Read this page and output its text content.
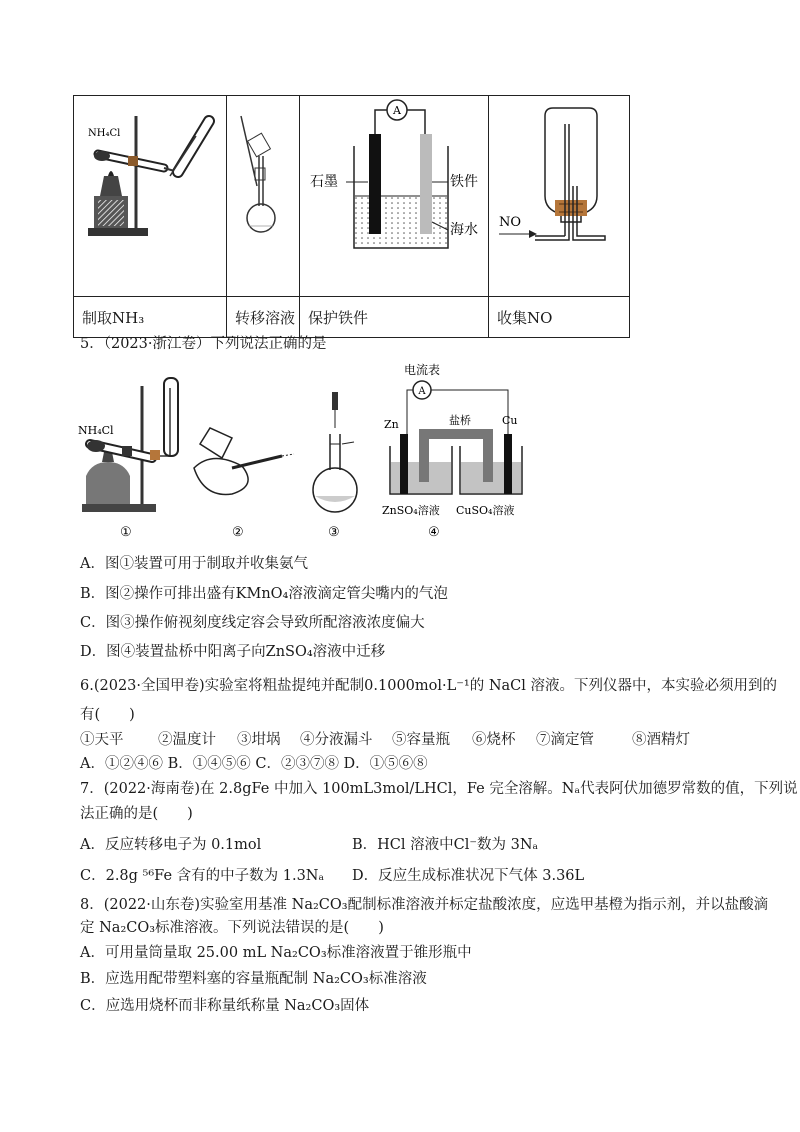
NH₄Cl		A
石墨 铁件
海水	NO

制取NH₃	转移溶液	保护铁件	收集NO
5．（2023·浙江卷）下列说法正确的是
NH₄Cl
①	②	③
电流表
A
Zn	Cu
盐桥
ZnSO₄溶液 CuSO₄溶液
④
A．图①装置可用于制取并收集氨气
B．图②操作可排出盛有KMnO₄溶液滴定管尖嘴内的气泡
C．图③操作俯视刻度线定容会导致所配溶液浓度偏大
D．图④装置盐桥中阳离子向ZnSO₄溶液中迁移
6.(2023·全国甲卷)实验室将粗盐提纯并配制0.1000mol·L⁻¹的 NaCl 溶液。下列仪器中，本实验必须用到的
有(　　)
①天平 ②温度计 ③坩埚 ④分液漏斗 ⑤容量瓶 ⑥烧杯 ⑦滴定管	⑧酒精灯
A．①②④⑥ B．①④⑤⑥ C．②③⑦⑧ D．①⑤⑥⑧
7．(2022·海南卷)在 2.8gFe 中加入 100mL3mol/LHCl，Fe 完全溶解。Nₐ代表阿伏加德罗常数的值，下列说
法正确的是(　　)
A．反应转移电子为 0.1mol	B．HCl 溶液中Cl⁻数为 3Nₐ
C．2.8g ⁵⁶Fe 含有的中子数为 1.3Nₐ D．反应生成标准状况下气体 3.36L
8．(2022·山东卷)实验室用基准 Na₂CO₃配制标准溶液并标定盐酸浓度，应选甲基橙为指示剂，并以盐酸滴
定 Na₂CO₃标准溶液。下列说法错误的是(　　)
A．可用量筒量取 25.00 mL Na₂CO₃标准溶液置于锥形瓶中
B．应选用配带塑料塞的容量瓶配制 Na₂CO₃标准溶液
C．应选用烧杯而非称量纸称量 Na₂CO₃固体
